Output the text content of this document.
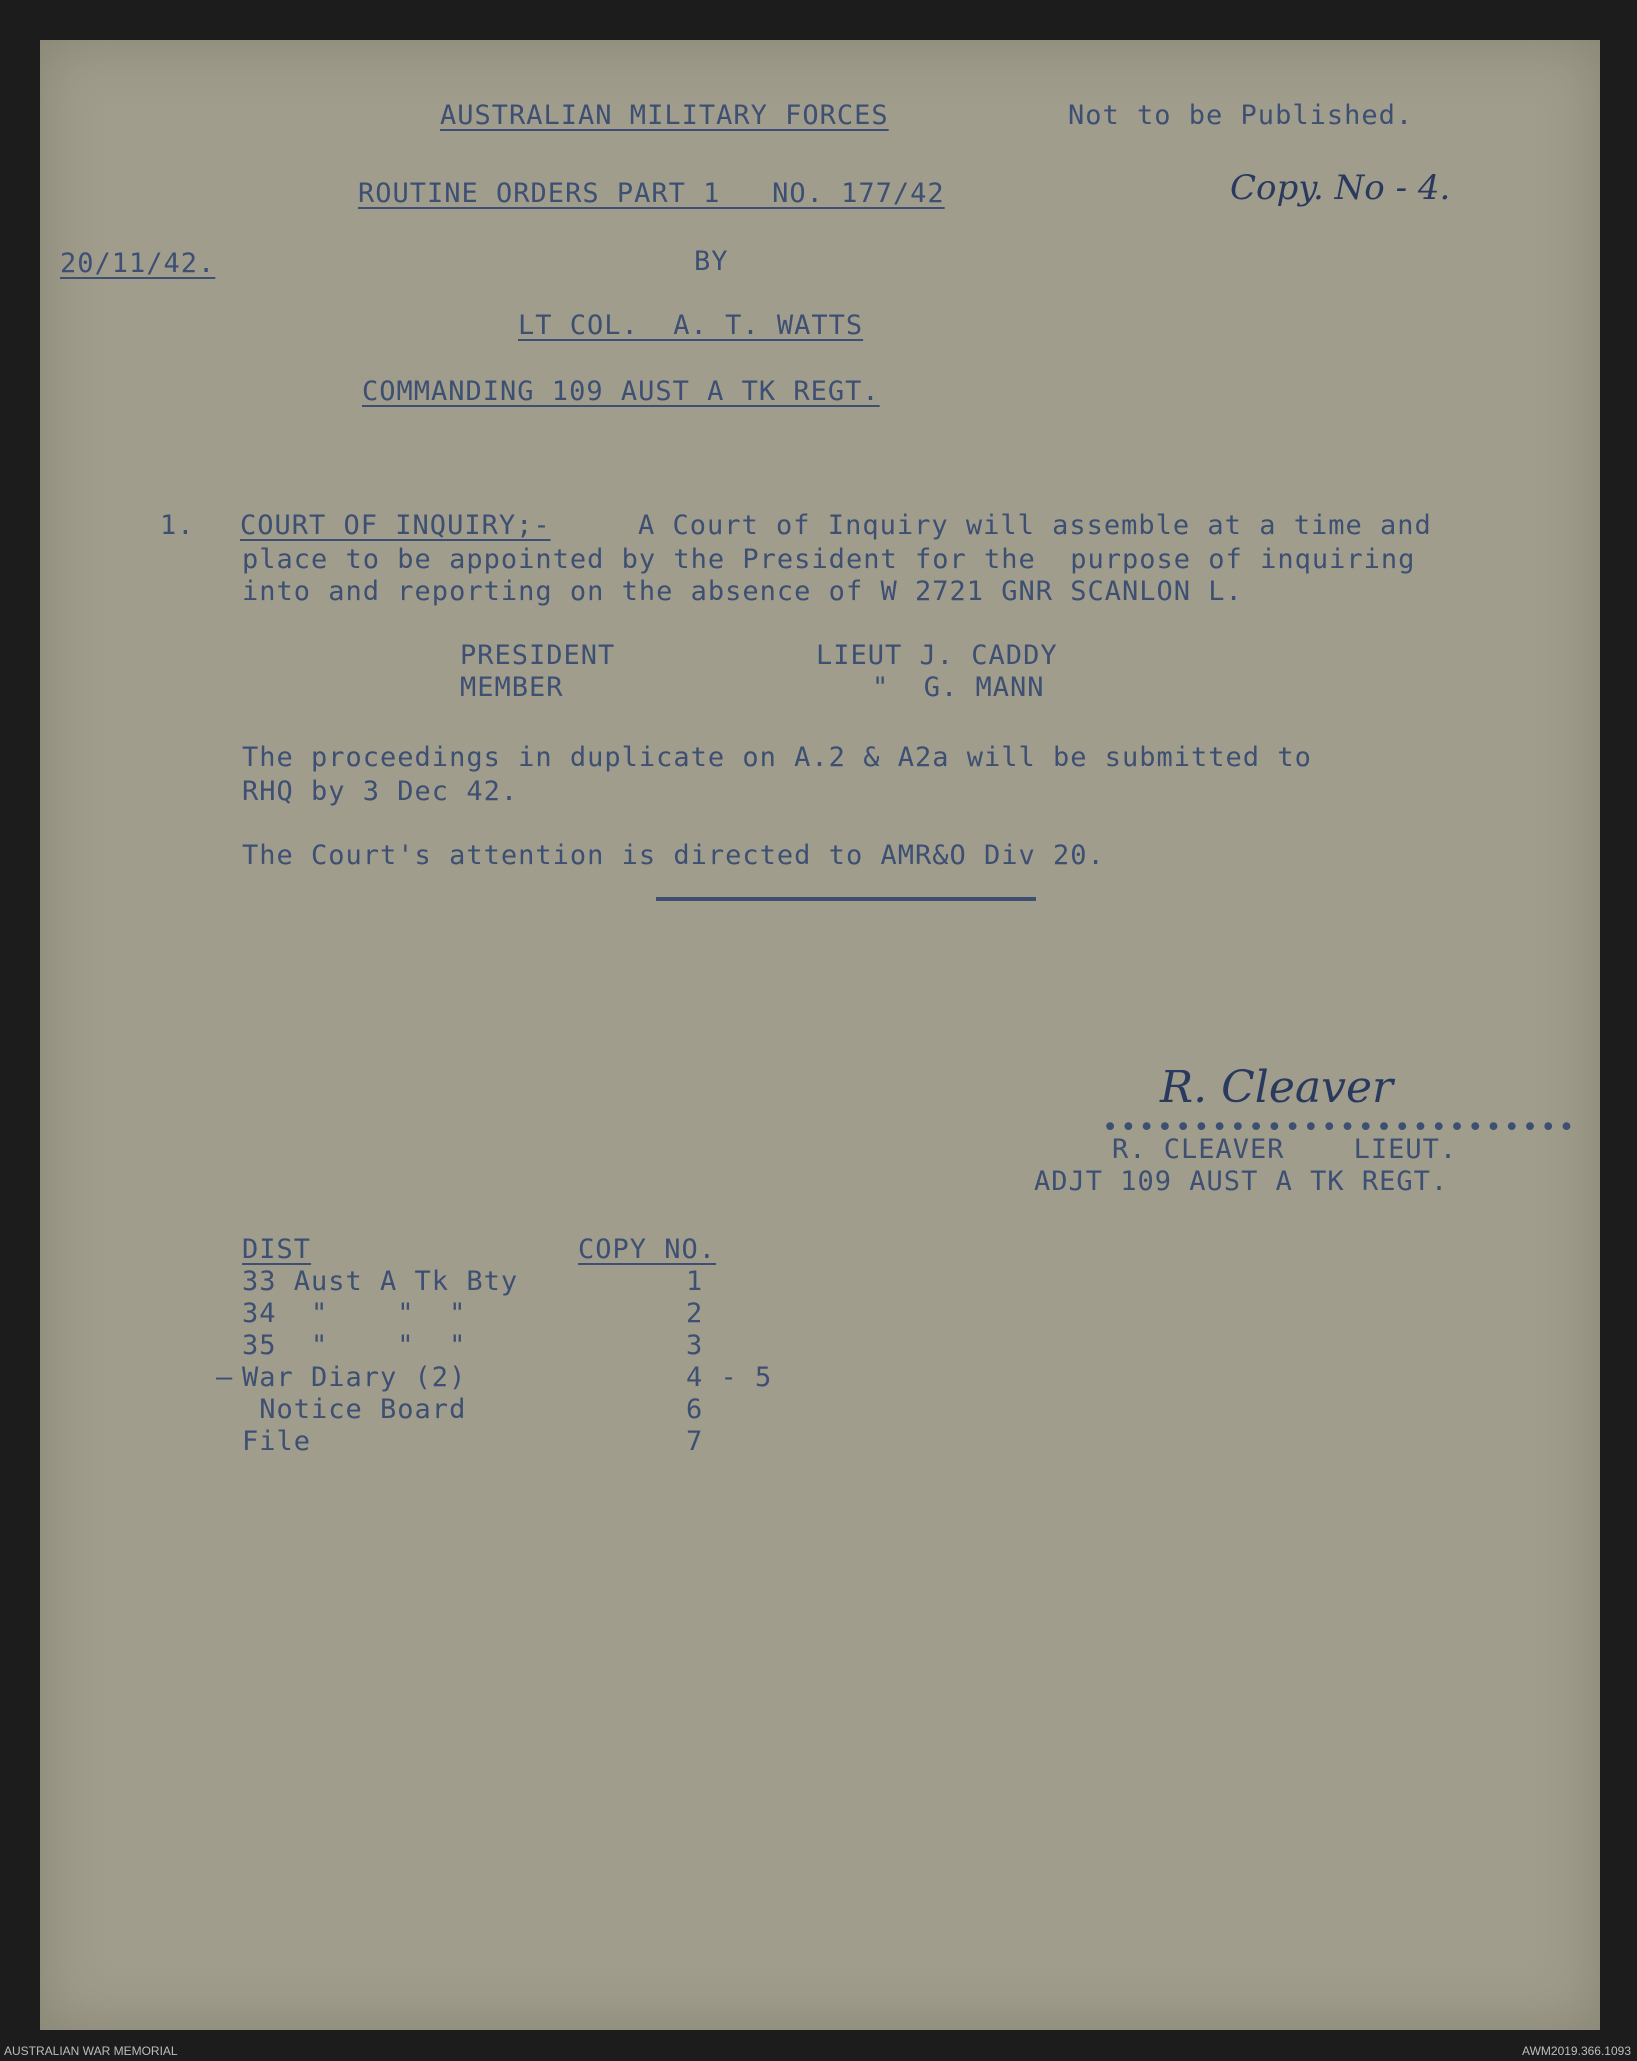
AUSTRALIAN MILITARY FORCES	Not to be Published.
ROUTINE ORDERS PART 1   NO. 177/42	Copy. No - 4.
20/11/42.	BY
LT COL.  A. T. WATTS
COMMANDING 109 AUST A TK REGT.
1. COURT OF INQUIRY;-	A Court of Inquiry will assemble at a time and
place to be appointed by the President for the  purpose of inquiring
into and reporting on the absence of W 2721 GNR SCANLON L.
PRESIDENT	LIEUT J. CADDY
MEMBER	"  G. MANN
The proceedings in duplicate on A.2 & A2a will be submitted to
RHQ by 3 Dec 42.
The Court's attention is directed to AMR&O Div 20.
R. Cleaver
••••••••••••••••••••••••••
R. CLEAVER    LIEUT.
ADJT 109 AUST A TK REGT.
DIST	COPY NO.
33 Aust A Tk Bty	1
34  "    "  "	2
35  "    "  "	3
— War Diary (2)	4 - 5
Notice Board	6
File	7
AUSTRALIAN WAR MEMORIAL	AWM2019.366.1093
